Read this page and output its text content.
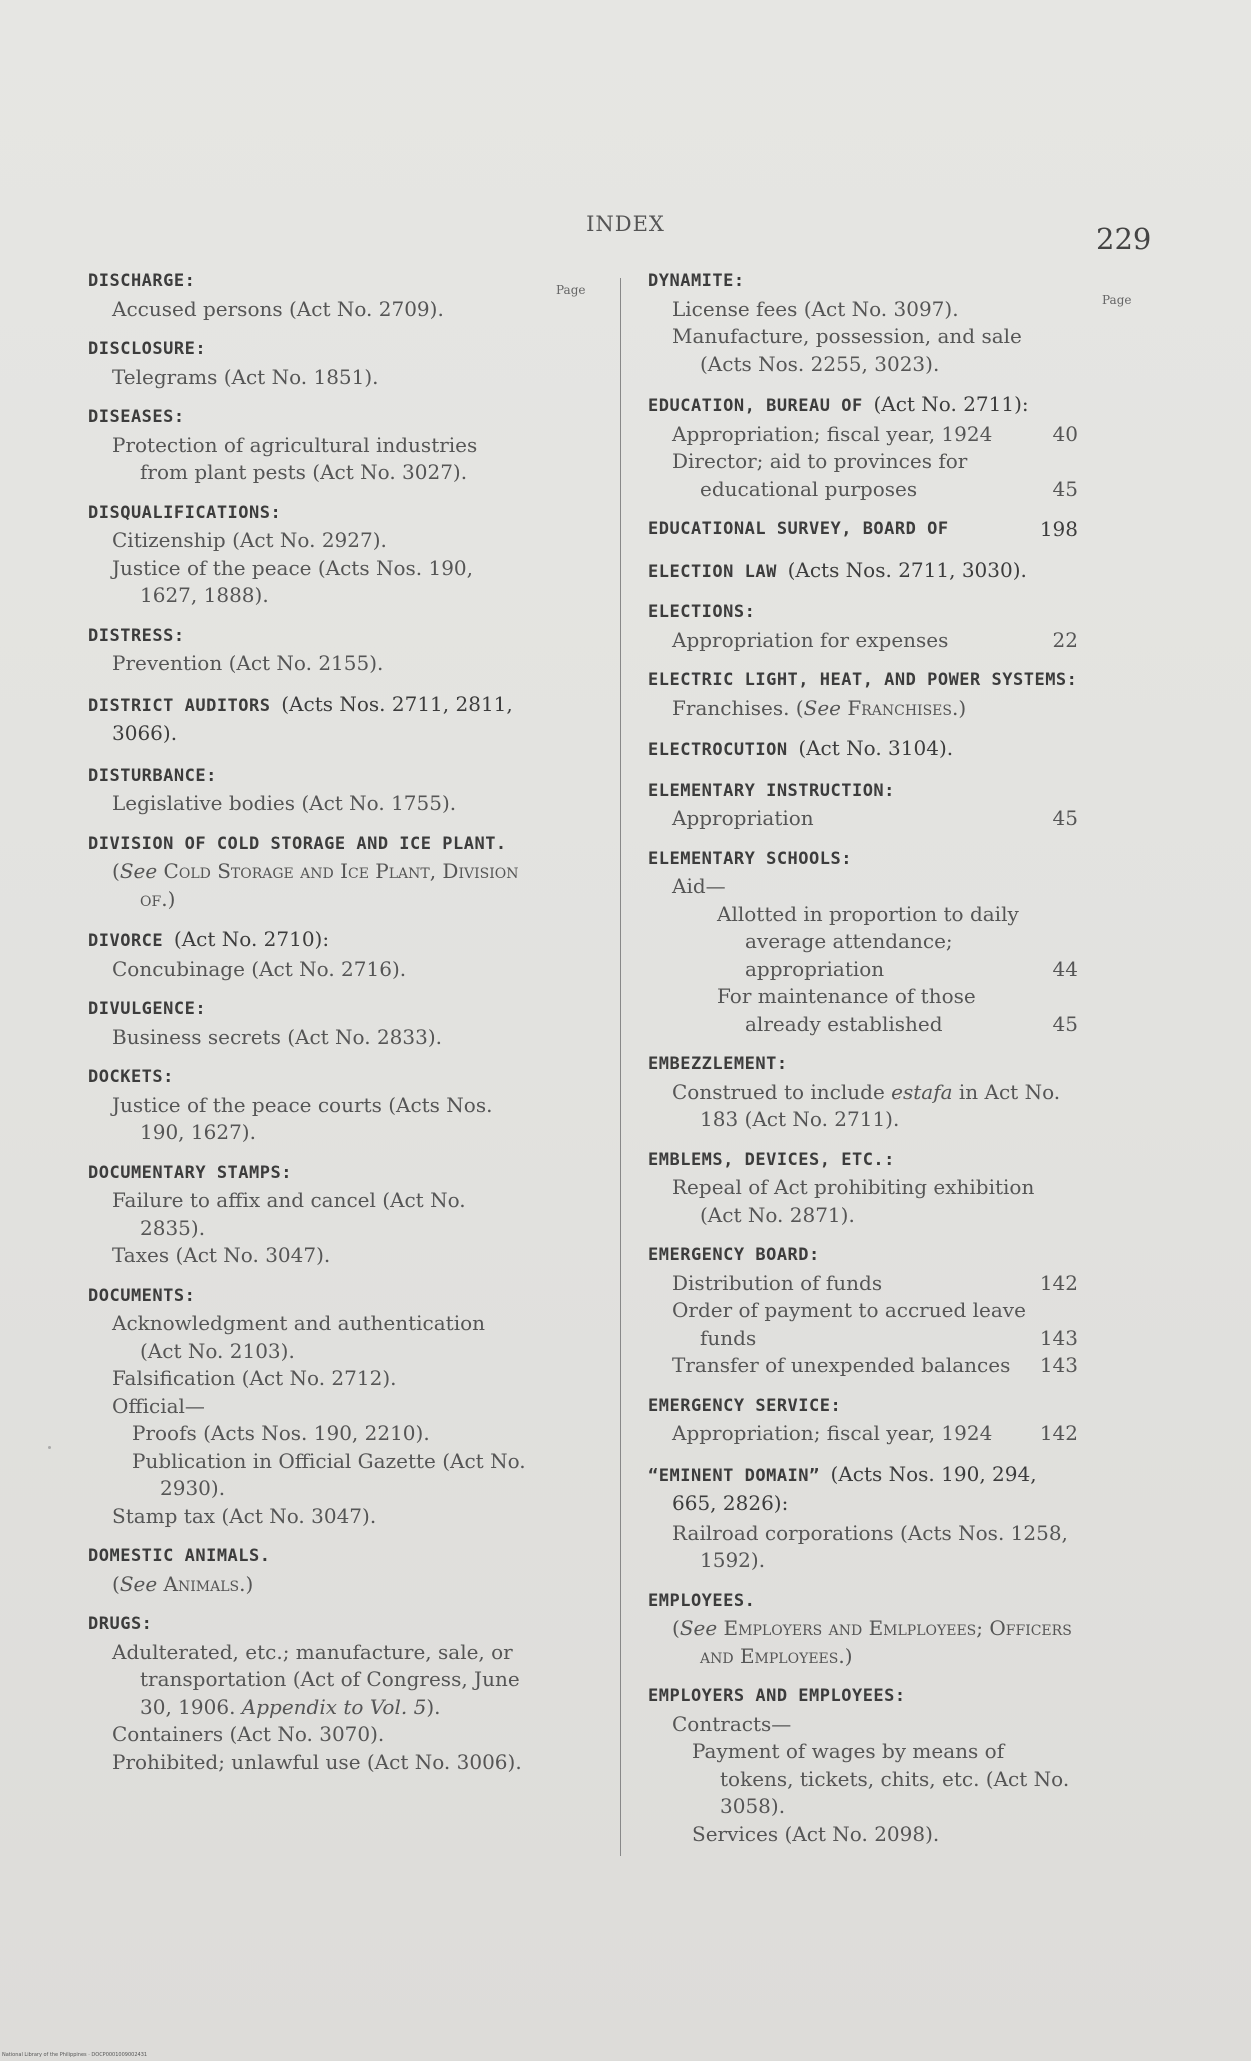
INDEX	229
Page
Page
DISCHARGE:
Accused persons (Act No. 2709).
DISCLOSURE:
Telegrams (Act No. 1851).
DISEASES:
Protection of agricultural industries from plant pests (Act No. 3027).
DISQUALIFICATIONS:
Citizenship (Act No. 2927).
Justice of the peace (Acts Nos. 190, 1627, 1888).
DISTRESS:
Prevention (Act No. 2155).
DISTRICT AUDITORS (Acts Nos. 2711, 2811, 3066).
DISTURBANCE:
Legislative bodies (Act No. 1755).
DIVISION OF COLD STORAGE AND ICE PLANT.
(See Cold Storage and Ice Plant, Division of.)
DIVORCE (Act No. 2710):
Concubinage (Act No. 2716).
DIVULGENCE:
Business secrets (Act No. 2833).
DOCKETS:
Justice of the peace courts (Acts Nos. 190, 1627).
DOCUMENTARY STAMPS:
Failure to affix and cancel (Act No. 2835).
Taxes (Act No. 3047).
DOCUMENTS:
Acknowledgment and authentication (Act No. 2103).
Falsification (Act No. 2712).
Official—
Proofs (Acts Nos. 190, 2210).
Publication in Official Gazette (Act No. 2930).
Stamp tax (Act No. 3047).
DOMESTIC ANIMALS.
(See Animals.)
DRUGS:
Adulterated, etc.; manufacture, sale, or transportation (Act of Congress, June 30, 1906. Appendix to Vol. 5).
Containers (Act No. 3070).
Prohibited; unlawful use (Act No. 3006).
DYNAMITE:
License fees (Act No. 3097).
Manufacture, possession, and sale (Acts Nos. 2255, 3023).
EDUCATION, BUREAU OF (Act No. 2711):
Appropriation; fiscal year, 1924	40
Director; aid to provinces for educational purposes	45
EDUCATIONAL SURVEY, BOARD OF	198
ELECTION LAW (Acts Nos. 2711, 3030).
ELECTIONS:
Appropriation for expenses	22
ELECTRIC LIGHT, HEAT, AND POWER SYSTEMS:
Franchises. (See Franchises.)
ELECTROCUTION (Act No. 3104).
ELEMENTARY INSTRUCTION:
Appropriation	45
ELEMENTARY SCHOOLS:
Aid—
Allotted in proportion to daily average attendance; appropriation	44
For maintenance of those already established	45
EMBEZZLEMENT:
Construed to include estafa in Act No. 183 (Act No. 2711).
EMBLEMS, DEVICES, ETC.:
Repeal of Act prohibiting exhibition (Act No. 2871).
EMERGENCY BOARD:
Distribution of funds	142
Order of payment to accrued leave funds	143
Transfer of unexpended balances	143
EMERGENCY SERVICE:
Appropriation; fiscal year, 1924	142
“EMINENT DOMAIN” (Acts Nos. 190, 294, 665, 2826):
Railroad corporations (Acts Nos. 1258, 1592).
EMPLOYEES.
(See Employers and Emlployees; Officers and Employees.)
EMPLOYERS AND EMPLOYEES:
Contracts—
Payment of wages by means of tokens, tickets, chits, etc. (Act No. 3058).
Services (Act No. 2098).
National Library of the Philippines · DOCP0001009002431
